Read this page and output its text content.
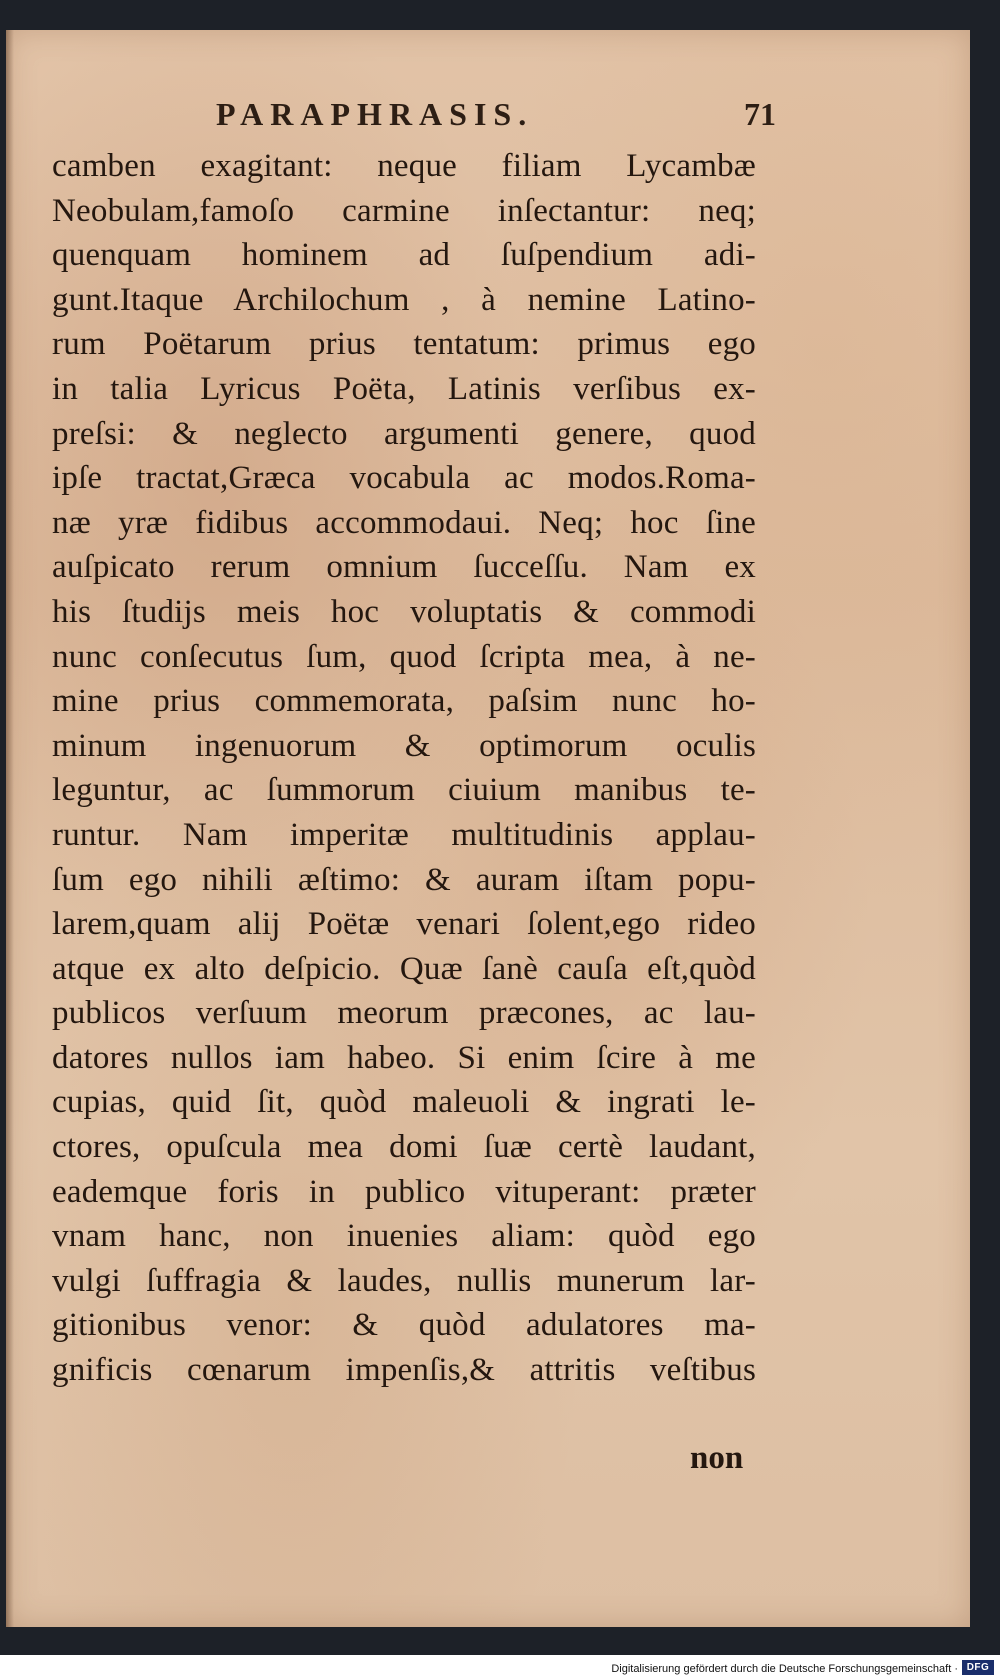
PARAPHRASIS.	71
camben exagitant: neque filiam Lycambæ
Neobulam,famoſo carmine inſectantur: neq;
quenquam hominem ad ſuſpendium adi-
gunt.Itaque Archilochum , à nemine Latino-
rum Poëtarum prius tentatum: primus ego
in talia Lyricus Poëta, Latinis verſibus ex-
preſsi: & neglecto argumenti genere, quod
ipſe tractat,Græca vocabula ac modos.Roma-
næ yræ fidibus accommodaui. Neq; hoc ſine
auſpicato rerum omnium ſucceſſu. Nam ex
his ſtudijs meis hoc voluptatis & commodi
nunc conſecutus ſum, quod ſcripta mea, à ne-
mine prius commemorata, paſsim nunc ho-
minum ingenuorum & optimorum oculis
leguntur, ac ſummorum ciuium manibus te-
runtur. Nam imperitæ multitudinis applau-
ſum ego nihili æſtimo: & auram iſtam popu-
larem,quam alij Poëtæ venari ſolent,ego rideo
atque ex alto deſpicio. Quæ ſanè cauſa eſt,quòd
publicos verſuum meorum præcones, ac lau-
datores nullos iam habeo. Si enim ſcire à me
cupias, quid ſit, quòd maleuoli & ingrati le-
ctores, opuſcula mea domi ſuæ certè laudant,
eademque foris in publico vituperant: præter
vnam hanc, non inuenies aliam: quòd ego
vulgi ſuffragia & laudes, nullis munerum lar-
gitionibus venor: & quòd adulatores ma-
gnificis cœnarum impenſis,& attritis veſtibus
non
Digitalisierung gefördert durch die Deutsche Forschungsgemeinschaft · DFG
